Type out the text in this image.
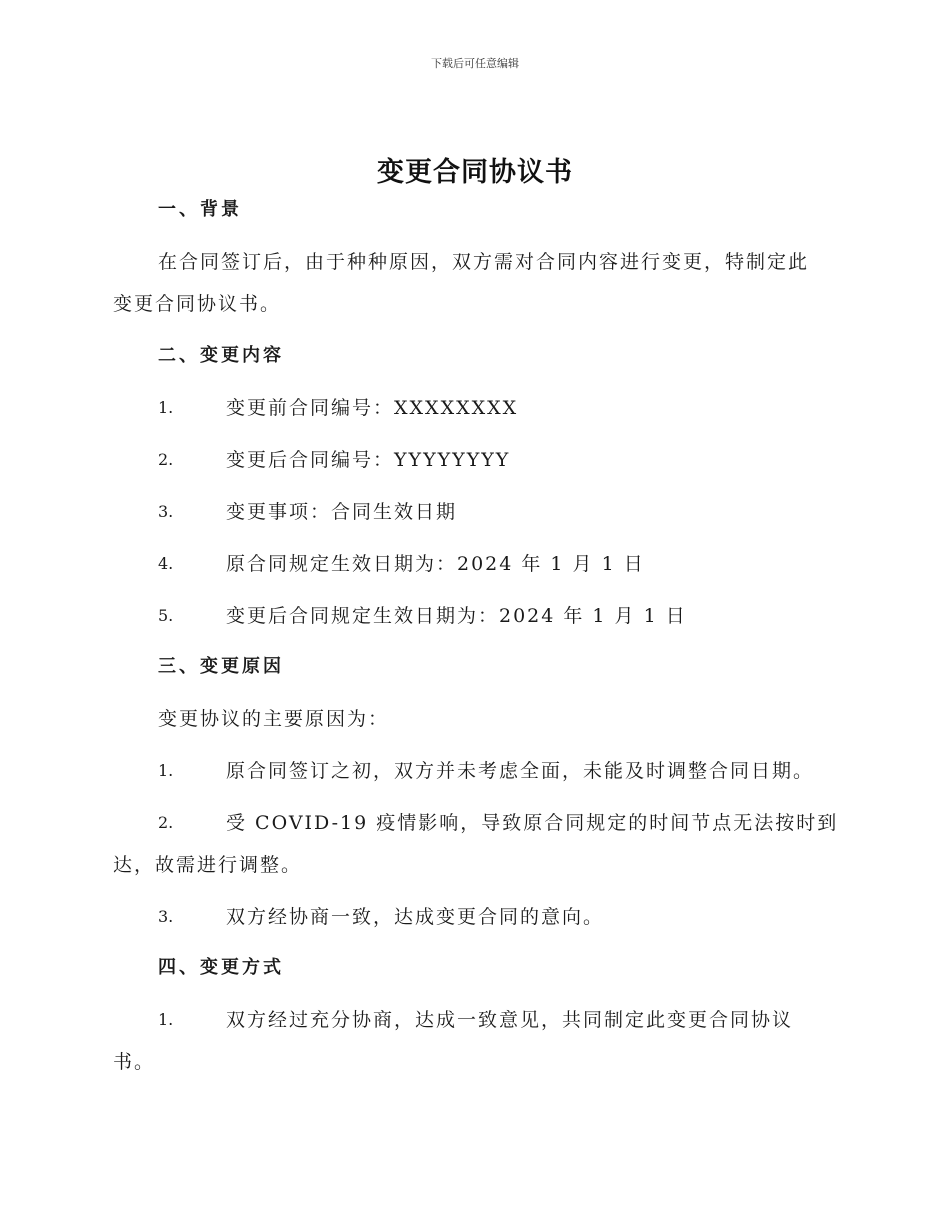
下载后可任意编辑
变更合同协议书
一、背景
在合同签订后，由于种种原因，双方需对合同内容进行变更，特制定此
变更合同协议书。
二、变更内容
1.	变更前合同编号：XXXXXXXX
2.	变更后合同编号：YYYYYYYY
3.	变更事项：合同生效日期
4.	原合同规定生效日期为：2024 年 1 月 1 日
5.	变更后合同规定生效日期为：2024 年 1 月 1 日
三、变更原因
变更协议的主要原因为：
1.	原合同签订之初，双方并未考虑全面，未能及时调整合同日期。
2.	受 COVID-19 疫情影响，导致原合同规定的时间节点无法按时到
达，故需进行调整。
3.	双方经协商一致，达成变更合同的意向。
四、变更方式
1.	双方经过充分协商，达成一致意见，共同制定此变更合同协议
书。
